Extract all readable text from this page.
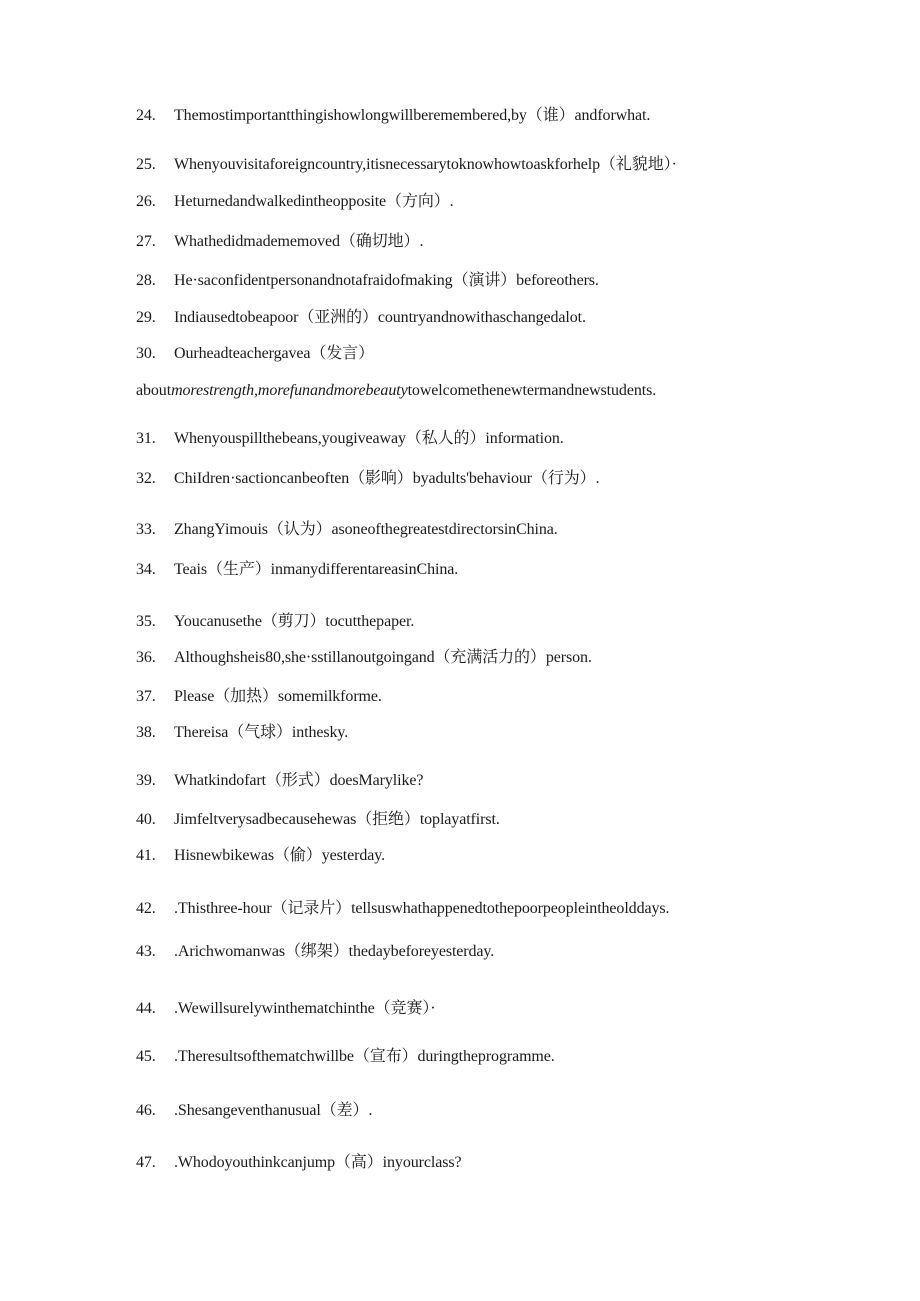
24. Themostimportantthingishowlongwillberemembered,by（谁）andforwhat.
25. Whenyouvisitaforeigncountry,itisnecessarytoknowhowtoaskforhelp（礼貌地）·
26. Heturnedandwalkedintheopposite（方向）.
27. Whathedidmadememoved（确切地）.
28. He·saconfidentpersonandnotafraidofmaking（演讲）beforeothers.
29. Indiausedtobeapoor（亚洲的）countryandnowithaschangedalot.
30. Ourheadteachergavea（发言）
aboutmorestrength,morefunandmorebeautytowelcomethenewtermandnewstudents.
31. Whenyouspillthebeans,yougiveaway（私人的）information.
32. ChiIdren·sactioncanbeoften（影响）byadults'behaviour（行为）.
33. ZhangYimouis（认为）asoneofthegreatestdirectorsinChina.
34. Teais（生产）inmanydifferentareasinChina.
35. Youcanusethe（剪刀）tocutthepaper.
36. Althoughsheis80,she·sstillanoutgoingand（充满活力的）person.
37. Please（加热）somemilkforme.
38. Thereisa（气球）inthesky.
39. Whatkindofart（形式）doesMarylike?
40. Jimfeltverysadbecausehewas（拒绝）toplayatfirst.
41. Hisnewbikewas（偷）yesterday.
42. .Thisthree-hour（记录片）tellsuswhathappenedtothepoorpeopleintheolddays.
43. .Arichwomanwas（绑架）thedaybeforeyesterday.
44. .Wewillsurelywinthematchinthe（竞赛）·
45. .Theresultsofthematchwillbe（宣布）duringtheprogramme.
46. .Shesangeventhanusual（差）.
47. .Whodoyouthinkcanjump（高）inyourclass?
